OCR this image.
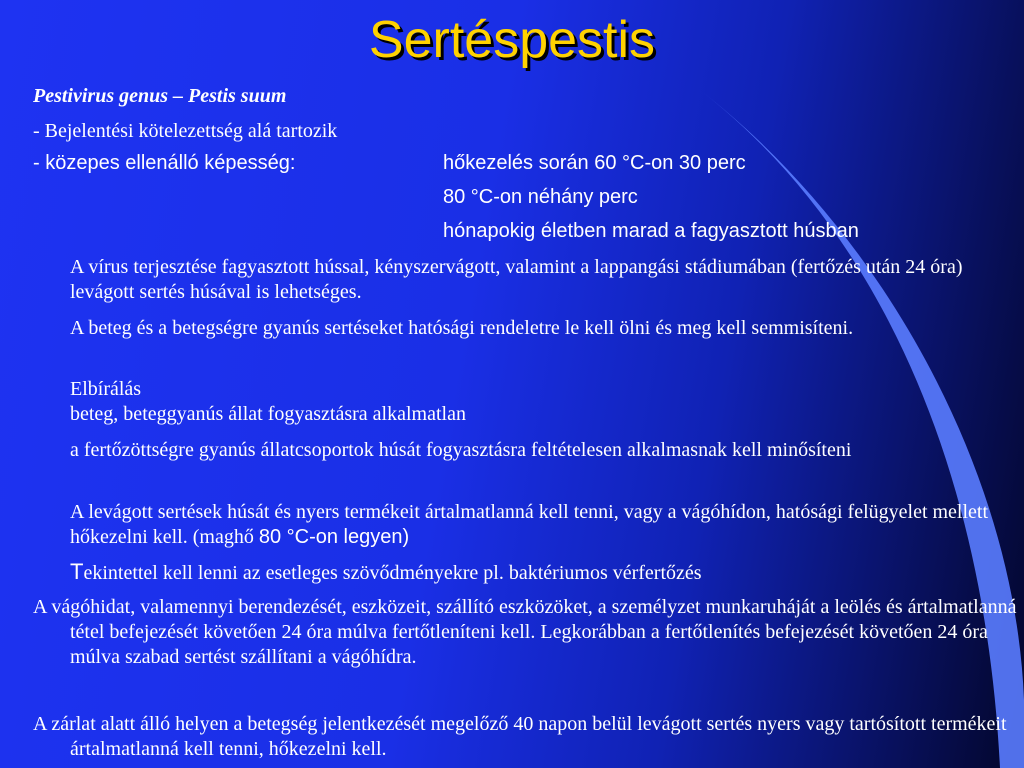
Sertéspestis
Pestivirus genus – Pestis suum
- Bejelentési kötelezettség alá tartozik
- közepes ellenálló képesség:	hőkezelés során 60 °C-on 30 perc
80 °C-on néhány perc
hónapokig életben marad a fagyasztott húsban
A vírus terjesztése fagyasztott hússal, kényszervágott, valamint a lappangási stádiumában (fertőzés után 24 óra) levágott sertés húsával is lehetséges.
A beteg és a betegségre gyanús sertéseket hatósági rendeletre le kell ölni és meg kell semmisíteni.
Elbírálás
beteg, beteggyanús állat fogyasztásra alkalmatlan
a fertőzöttségre gyanús állatcsoportok húsát fogyasztásra feltételesen alkalmasnak kell minősíteni
A levágott sertések húsát és nyers termékeit ártalmatlanná kell tenni, vagy a vágóhídon, hatósági felügyelet mellett hőkezelni kell. (maghő 80 °C-on legyen)
Tekintettel kell lenni az esetleges szövődményekre pl. baktériumos vérfertőzés
A vágóhidat, valamennyi berendezését, eszközeit, szállító eszközöket, a személyzet munkaruháját a leölés és ártalmatlanná tétel befejezését követően 24 óra múlva fertőtleníteni kell. Legkorábban a fertőtlenítés befejezését követően 24 óra múlva szabad sertést szállítani a vágóhídra.
A zárlat alatt álló helyen a betegség jelentkezését megelőző 40 napon belül levágott sertés nyers vagy tartósított termékeit ártalmatlanná kell tenni, hőkezelni kell.
